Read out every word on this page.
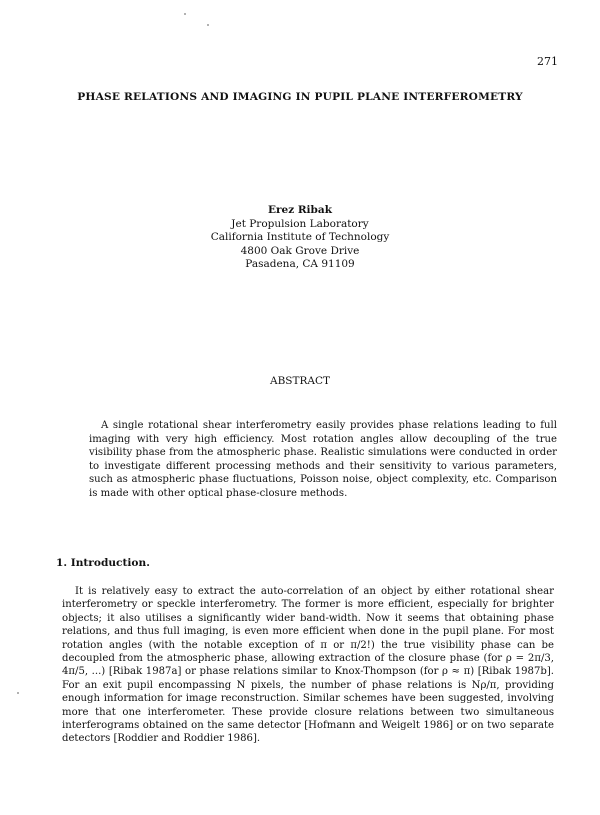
271
PHASE RELATIONS AND IMAGING IN PUPIL PLANE INTERFEROMETRY
Erez Ribak
Jet Propulsion Laboratory
California Institute of Technology
4800 Oak Grove Drive
Pasadena, CA 91109
ABSTRACT
A single rotational shear interferometry easily provides phase relations leading to full imaging with very high efficiency. Most rotation angles allow decoupling of the true visibility phase from the atmospheric phase. Realistic simulations were conducted in order to investigate different processing methods and their sensitivity to various parameters, such as atmospheric phase fluctuations, Poisson noise, object complexity, etc. Comparison is made with other optical phase-closure methods.
1. Introduction.
It is relatively easy to extract the auto-correlation of an object by either rotational shear interferometry or speckle interferometry. The former is more efficient, especially for brighter objects; it also utilises a significantly wider band-width. Now it seems that obtaining phase relations, and thus full imaging, is even more efficient when done in the pupil plane. For most rotation angles (with the notable exception of π or π/2!) the true visibility phase can be decoupled from the atmospheric phase, allowing extraction of the closure phase (for ρ = 2π/3, 4π/5, ...) [Ribak 1987a] or phase relations similar to Knox-Thompson (for ρ ≈ π) [Ribak 1987b]. For an exit pupil encompassing N pixels, the number of phase relations is Nρ/π, providing enough information for image reconstruction. Similar schemes have been suggested, involving more that one interferometer. These provide closure relations between two simultaneous interferograms obtained on the same detector [Hofmann and Weigelt 1986] or on two separate detectors [Roddier and Roddier 1986].
